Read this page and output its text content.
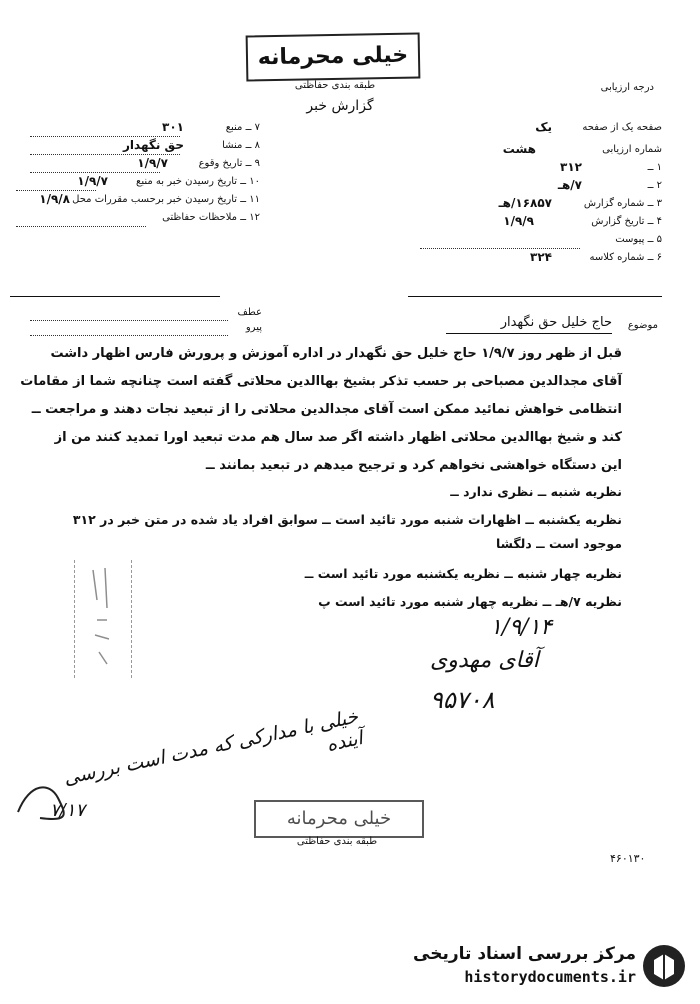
خیلی محرمانه
طبقه بندی حفاظتی	درجه ارزیابی
گزارش خبر
۷ ــ منبع
۳۰۱
۸ ــ منشا
حق نگهدار
۹ ــ تاریخ وقوع
۱/۹/۷
۱۰ ــ تاریخ رسیدن خبر به منبع
۱/۹/۷
۱۱ ــ تاریخ رسیدن خبر برحسب مقررات محل
۱/۹/۸
۱۲ ــ ملاحظات حفاظتی
صفحه یک از صفحه
یک
شماره ارزیابی
هشت
۱ ــ
۳۱۲
۲ ــ
۷/هـ
۳ ــ شماره گزارش
۱۶۸۵۷/هـ
۴ ــ تاریخ گزارش
۱/۹/۹
۵ ــ پیوست
۶ ــ شماره کلاسه
۳۲۴
عطف
پیرو	موضوع
حاج خلیل حق نگهدار
قبل از ظهر روز ۱/۹/۷ حاج خلیل حق نگهدار در اداره آموزش و پرورش فارس اظهار داشت
آقای مجدالدین مصباحی بر حسب تذکر بشیخ بهاالدین محلاتی گفته است چنانچه شما از مقامات
انتظامی خواهش نمائید ممکن است آقای مجدالدین محلاتی را از تبعید نجات دهند و مراجعت ــ
کند و شیخ بهاالدین محلاتی اظهار داشته اگر صد سال هم مدت تبعید اورا تمدید کنند من از
این دستگاه خواهشی نخواهم کرد و ترجیح میدهم در تبعید بمانند ــ
نظریه شنبه ــ نظری ندارد ــ
نظریه یکشنبه ــ اظهارات شنبه مورد تائید است ــ سوابق افراد یاد شده در متن خبر در ۳۱۲
موجود است ــ دلگشا
نظریه چهار شنبه ــ نظریه یکشنبه مورد تائید است ــ
نظریه ۷/هـ ــ نظریه چهار شنبه مورد تائید است پ
۱/۹/۱۴
آقای مهدوی
۹۵۷۰۸
خیلی با مدارکی که مدت است بررسی آینده
۷/۱۷	خیلی محرمانه
طبقه بندی حفاظتی
۴۶۰۱۳۰
مرکز بررسی اسناد تاریخی
historydocuments.ir
